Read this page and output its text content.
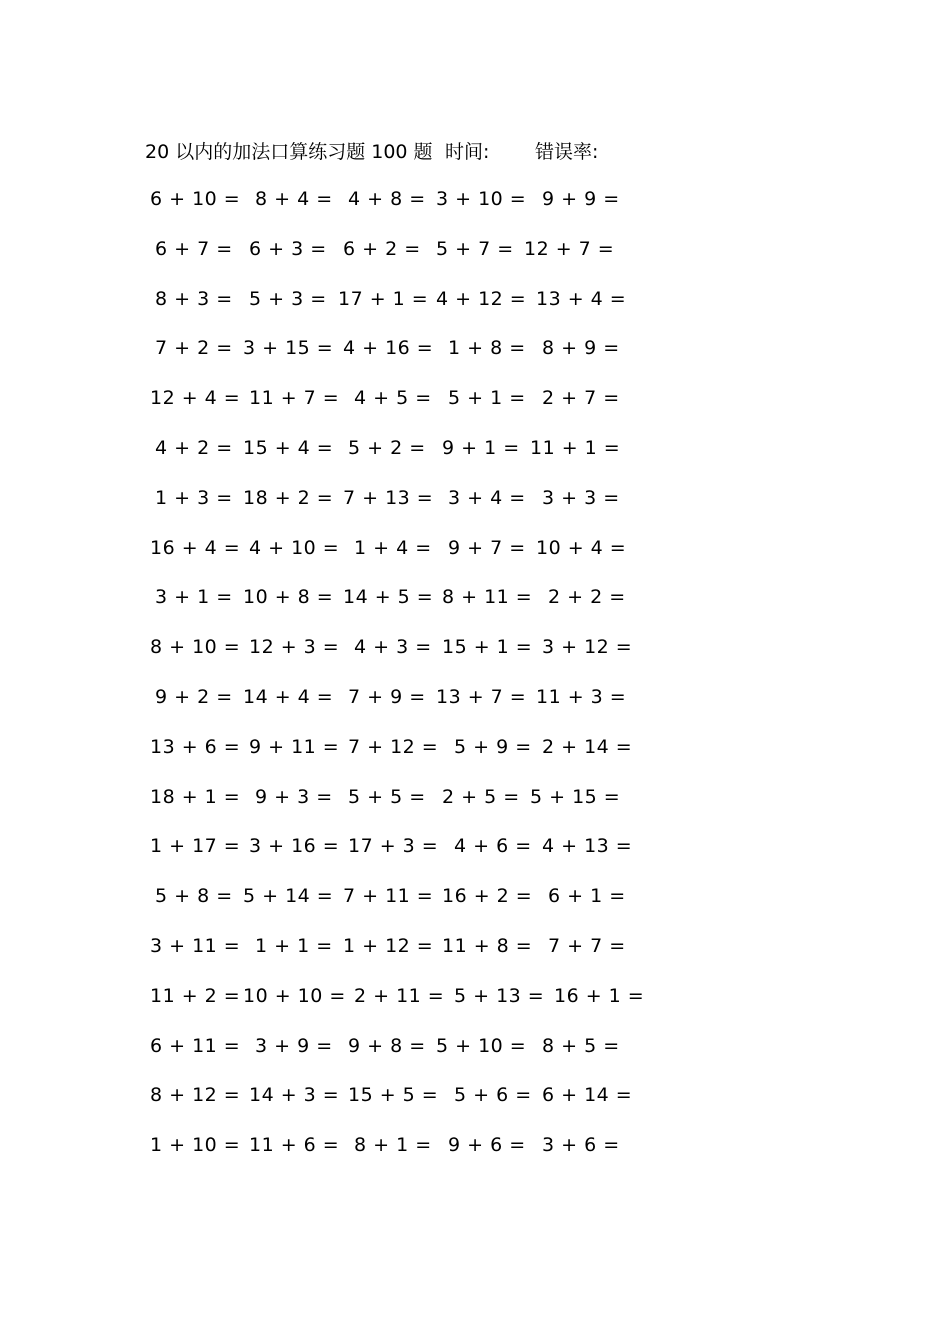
20 以内的加法口算练习题 100 题 时间: 错误率:
6 + 10 = 8 + 4 = 4 + 8 = 3 + 10 = 9 + 9 =
6 + 7 = 6 + 3 = 6 + 2 = 5 + 7 = 12 + 7 =
8 + 3 = 5 + 3 = 17 + 1 = 4 + 12 = 13 + 4 =
7 + 2 = 3 + 15 = 4 + 16 = 1 + 8 = 8 + 9 =
12 + 4 = 11 + 7 = 4 + 5 = 5 + 1 = 2 + 7 =
4 + 2 = 15 + 4 = 5 + 2 = 9 + 1 = 11 + 1 =
1 + 3 = 18 + 2 = 7 + 13 = 3 + 4 = 3 + 3 =
16 + 4 = 4 + 10 = 1 + 4 = 9 + 7 = 10 + 4 =
3 + 1 = 10 + 8 = 14 + 5 = 8 + 11 = 2 + 2 =
8 + 10 = 12 + 3 = 4 + 3 = 15 + 1 = 3 + 12 =
9 + 2 = 14 + 4 = 7 + 9 = 13 + 7 = 11 + 3 =
13 + 6 = 9 + 11 = 7 + 12 = 5 + 9 = 2 + 14 =
18 + 1 = 9 + 3 = 5 + 5 = 2 + 5 = 5 + 15 =
1 + 17 = 3 + 16 = 17 + 3 = 4 + 6 = 4 + 13 =
5 + 8 = 5 + 14 = 7 + 11 = 16 + 2 = 6 + 1 =
3 + 11 = 1 + 1 = 1 + 12 = 11 + 8 = 7 + 7 =
11 + 2 = 10 + 10 = 2 + 11 = 5 + 13 = 16 + 1 =
6 + 11 = 3 + 9 = 9 + 8 = 5 + 10 = 8 + 5 =
8 + 12 = 14 + 3 = 15 + 5 = 5 + 6 = 6 + 14 =
1 + 10 = 11 + 6 = 8 + 1 = 9 + 6 = 3 + 6 =
